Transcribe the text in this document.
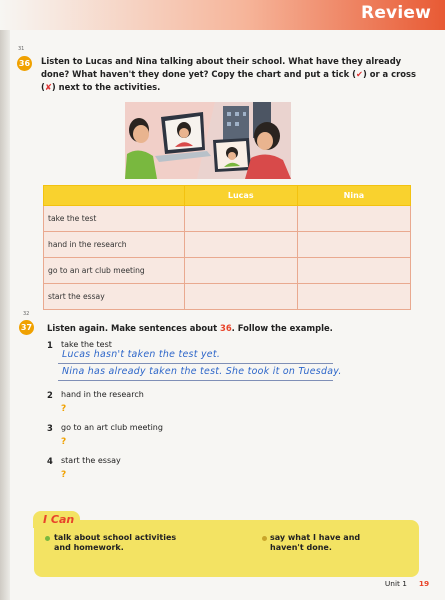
Review
31
36 Listen to Lucas and Nina talking about their school. What have they already done? What haven't they done yet? Copy the chart and put a tick (✔) or a cross (✘) next to the activities.
	Lucas	Nina
take the test		
hand in the research		
go to an art club meeting		
start the essay		
32
37 Listen again. Make sentences about 36. Follow the example.
1 take the test
Lucas hasn't taken the test yet.
Nina has already taken the test. She took it on Tuesday.
2 hand in the research
?
3 go to an art club meeting
?
4 start the essay
?
I Can
talk about school activities and homework.
say what I have and haven't done.
Unit 1 19
